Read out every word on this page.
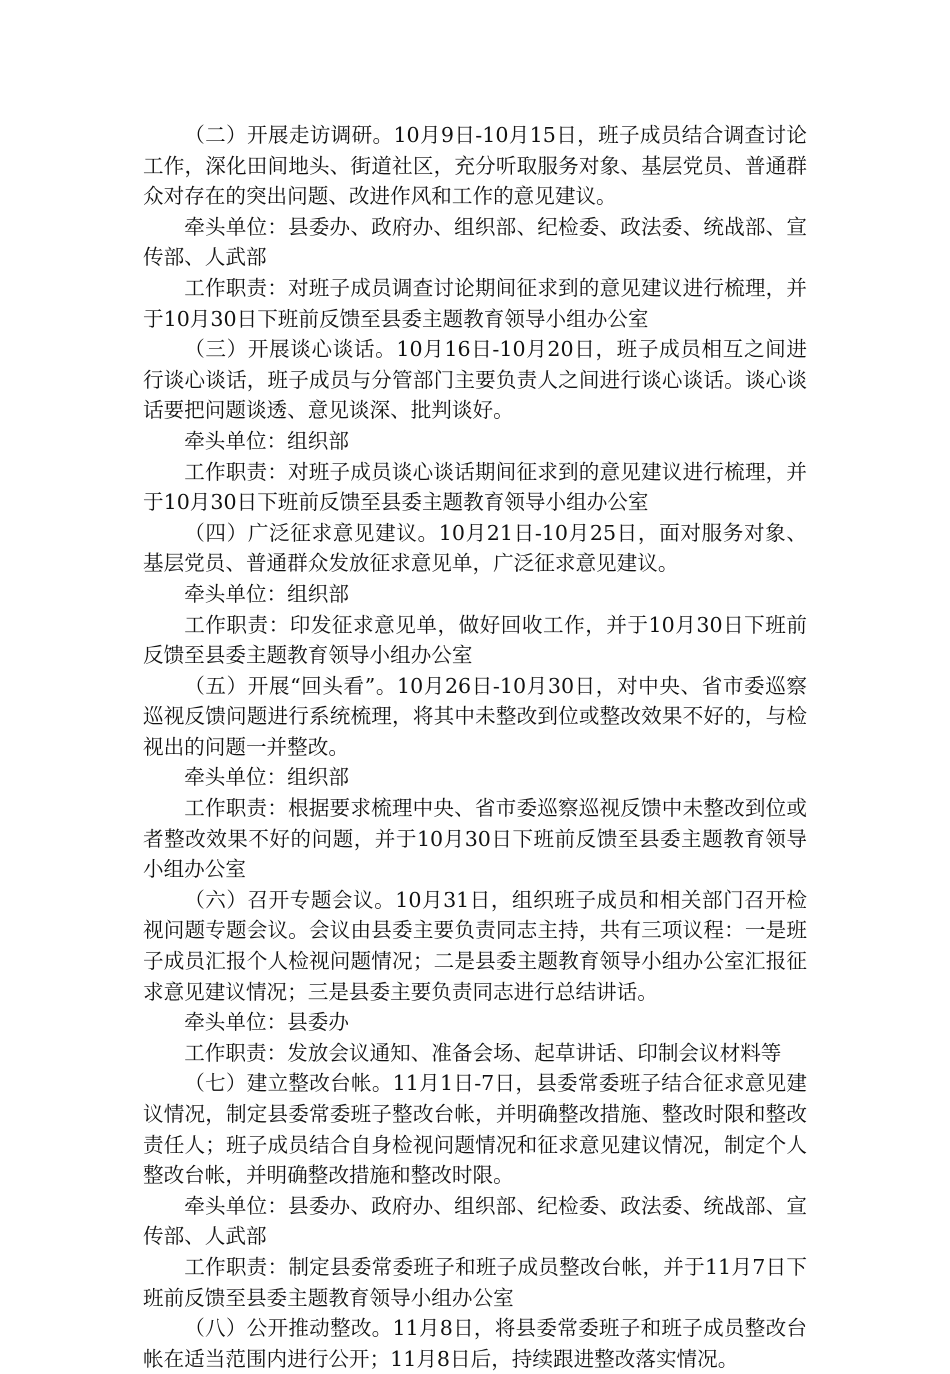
（二）开展走访调研。10月9日-10月15日，班子成员结合调查讨论工作，深化田间地头、街道社区，充分听取服务对象、基层党员、普通群众对存在的突出问题、改进作风和工作的意见建议。

牵头单位：县委办、政府办、组织部、纪检委、政法委、统战部、宣传部、人武部

工作职责：对班子成员调查讨论期间征求到的意见建议进行梳理，并于10月30日下班前反馈至县委主题教育领导小组办公室

（三）开展谈心谈话。10月16日-10月20日，班子成员相互之间进行谈心谈话，班子成员与分管部门主要负责人之间进行谈心谈话。谈心谈话要把问题谈透、意见谈深、批判谈好。

牵头单位：组织部

工作职责：对班子成员谈心谈话期间征求到的意见建议进行梳理，并于10月30日下班前反馈至县委主题教育领导小组办公室

（四）广泛征求意见建议。10月21日-10月25日，面对服务对象、基层党员、普通群众发放征求意见单，广泛征求意见建议。

牵头单位：组织部

工作职责：印发征求意见单，做好回收工作，并于10月30日下班前反馈至县委主题教育领导小组办公室

（五）开展“回头看”。10月26日-10月30日，对中央、省市委巡察巡视反馈问题进行系统梳理，将其中未整改到位或整改效果不好的，与检视出的问题一并整改。

牵头单位：组织部

工作职责：根据要求梳理中央、省市委巡察巡视反馈中未整改到位或者整改效果不好的问题，并于10月30日下班前反馈至县委主题教育领导小组办公室

（六）召开专题会议。10月31日，组织班子成员和相关部门召开检视问题专题会议。会议由县委主要负责同志主持，共有三项议程：一是班子成员汇报个人检视问题情况；二是县委主题教育领导小组办公室汇报征求意见建议情况；三是县委主要负责同志进行总结讲话。

牵头单位：县委办

工作职责：发放会议通知、准备会场、起草讲话、印制会议材料等

（七）建立整改台帐。11月1日-7日，县委常委班子结合征求意见建议情况，制定县委常委班子整改台帐，并明确整改措施、整改时限和整改责任人；班子成员结合自身检视问题情况和征求意见建议情况，制定个人整改台帐，并明确整改措施和整改时限。

牵头单位：县委办、政府办、组织部、纪检委、政法委、统战部、宣传部、人武部

工作职责：制定县委常委班子和班子成员整改台帐，并于11月7日下班前反馈至县委主题教育领导小组办公室

（八）公开推动整改。11月8日，将县委常委班子和班子成员整改台帐在适当范围内进行公开；11月8日后，持续跟进整改落实情况。
